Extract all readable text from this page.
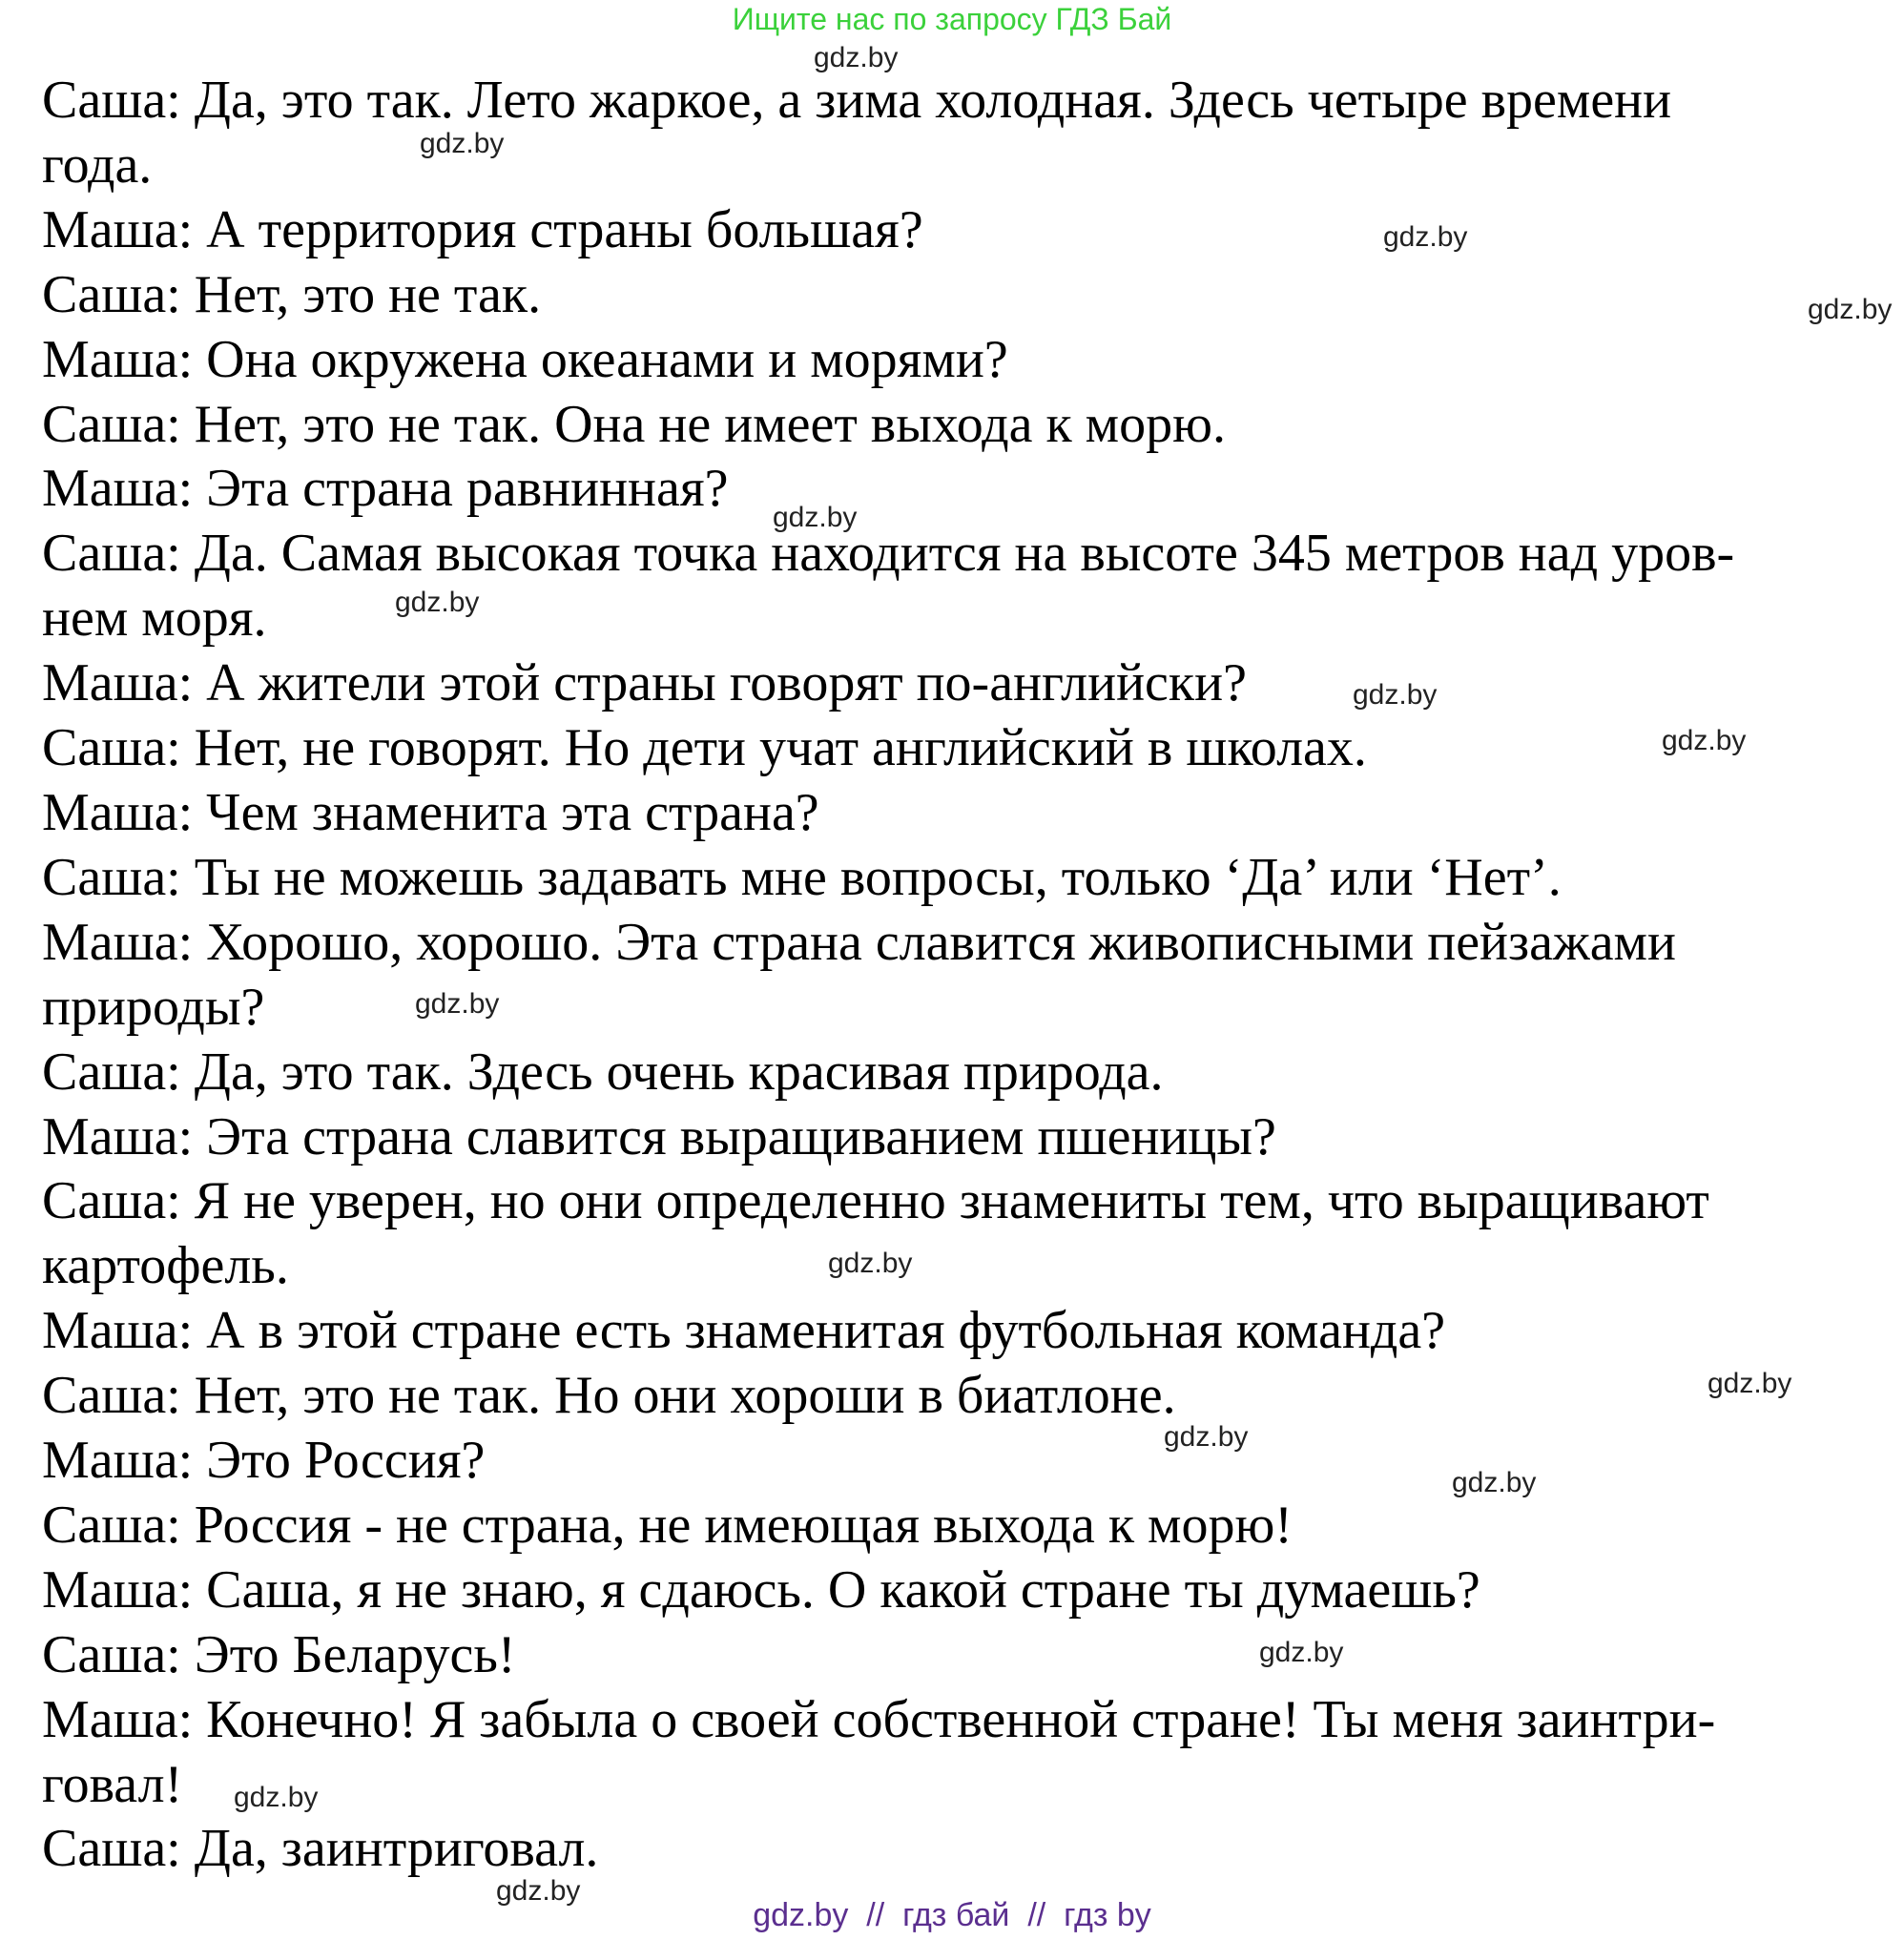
Ищите нас по запросу ГДЗ Бай
Саша: Да, это так. Лето жаркое, а зима холодная. Здесь четыре времени
года.
Маша: А территория страны большая?
Саша: Нет, это не так.
Маша: Она окружена океанами и морями?
Саша: Нет, это не так. Она не имеет выхода к морю.
Маша: Эта страна равнинная?
Саша: Да. Самая высокая точка находится на высоте 345 метров над уров-
нем моря.
Маша: А жители этой страны говорят по-английски?
Саша: Нет, не говорят. Но дети учат английский в школах.
Маша: Чем знаменита эта страна?
Саша: Ты не можешь задавать мне вопросы, только ‘Да’ или ‘Нет’.
Маша: Хорошо, хорошо. Эта страна славится живописными пейзажами
природы?
Саша: Да, это так. Здесь очень красивая природа.
Маша: Эта страна славится выращиванием пшеницы?
Саша: Я не уверен, но они определенно знамениты тем, что выращивают
картофель.
Маша: А в этой стране есть знаменитая футбольная команда?
Саша: Нет, это не так. Но они хороши в биатлоне.
Маша: Это Россия?
Саша: Россия - не страна, не имеющая выхода к морю!
Маша: Саша, я не знаю, я сдаюсь. О какой стране ты думаешь?
Саша: Это Беларусь!
Маша: Конечно! Я забыла о своей собственной стране! Ты меня заинтри-
говал!
Саша: Да, заинтриговал.
gdz.by
gdz.by
gdz.by
gdz.by
gdz.by
gdz.by
gdz.by
gdz.by
gdz.by
gdz.by
gdz.by
gdz.by
gdz.by
gdz.by
gdz.by
gdz.by
gdz.by  //  гдз бай  //  гдз by
